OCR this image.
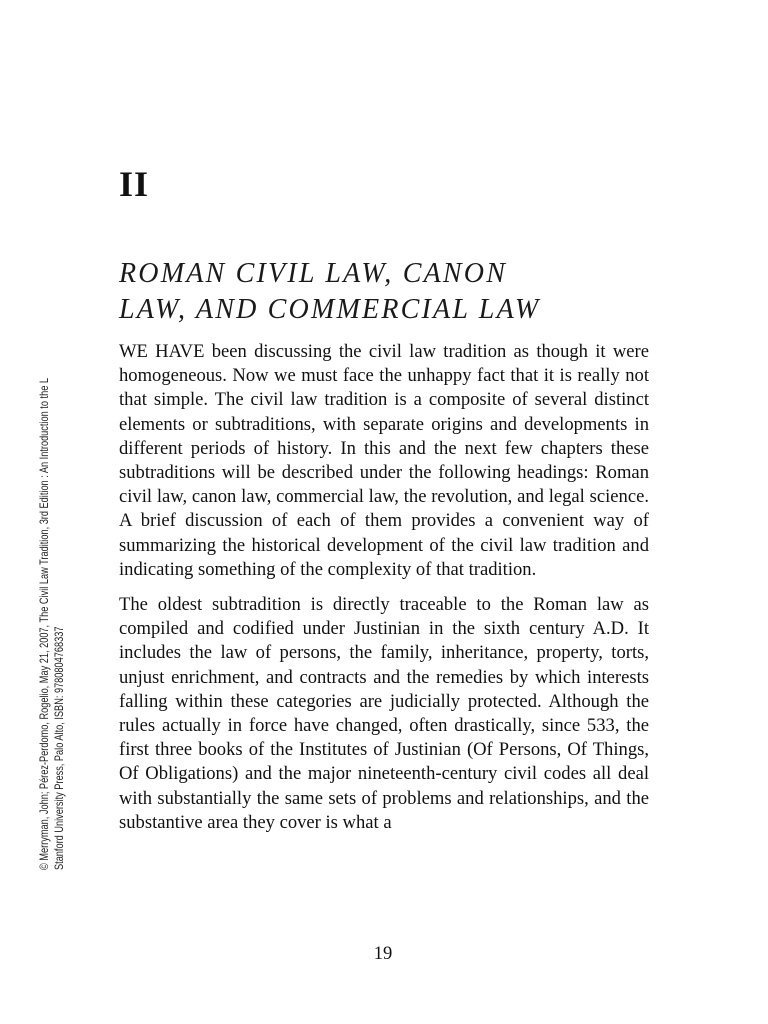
© Merryman, John; Pérez-Perdomo, Rogelio, May 21, 2007, The Civil Law Tradition, 3rd Edition : An Introduction to the L Stanford University Press, Palo Alto, ISBN: 9780804768337
II
ROMAN CIVIL LAW, CANON
LAW, AND COMMERCIAL LAW

WE HAVE been discussing the civil law tradition as though it were homogeneous. Now we must face the unhappy fact that it is really not that simple. The civil law tradition is a composite of several distinct elements or subtraditions, with separate origins and developments in different periods of history. In this and the next few chapters these subtraditions will be described under the following headings: Roman civil law, canon law, commercial law, the revolution, and legal science. A brief discussion of each of them provides a convenient way of summarizing the historical development of the civil law tradition and indicating something of the complexity of that tradition.

The oldest subtradition is directly traceable to the Roman law as compiled and codified under Justinian in the sixth century A.D. It includes the law of persons, the family, inheritance, property, torts, unjust enrichment, and contracts and the remedies by which interests falling within these categories are judicially protected. Although the rules actually in force have changed, often drastically, since 533, the first three books of the Institutes of Justinian (Of Persons, Of Things, Of Obligations) and the major nineteenth-century civil codes all deal with substantially the same sets of problems and relationships, and the substantive area they cover is what a

19
